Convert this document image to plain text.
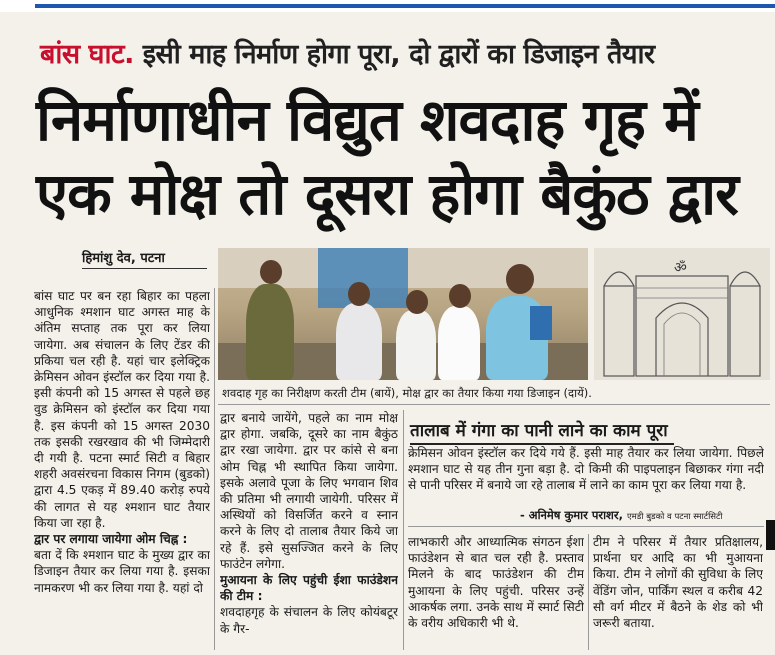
बांस घाट. इसी माह निर्माण होगा पूरा, दो द्वारों का डिजाइन तैयार
निर्माणाधीन विद्युत शवदाह गृह में
एक मोक्ष तो दूसरा होगा बैकुंठ द्वार
हिमांशु देव, पटना

बांस घाट पर बन रहा बिहार का पहला आधुनिक श्मशान घाट अगस्त माह के अंतिम सप्ताह तक पूरा कर लिया जायेगा. अब संचालन के लिए टेंडर की प्रकिया चल रही है. यहां चार इलेक्ट्रिक क्रेमिसन ओवन इंस्टॉल कर दिया गया है. इसी कंपनी को 15 अगस्त से पहले छह वुड क्रेमिसन को इंस्टॉल कर दिया गया है. इस कंपनी को 15 अगस्त 2030 तक इसकी रखरखाव की भी जिम्मेदारी दी गयी है. पटना स्मार्ट सिटी व बिहार शहरी अवसंरचना विकास निगम (बुडको) द्वारा 4.5 एकड़ में 89.40 करोड़ रुपये की लागत से यह श्मशान घाट तैयार किया जा रहा है.

द्वार पर लगाया जायेगा ओम चिह्न :

बता दें कि श्मशान घाट के मुख्य द्वार का डिजाइन तैयार कर लिया गया है. इसका नामकरण भी कर लिया गया है. यहां दो

ॐ
शवदाह गृह का निरीक्षण करती टीम (बायें), मोक्ष द्वार का तैयार किया गया डिजाइन (दायें).

द्वार बनाये जायेंगे, पहले का नाम मोक्ष द्वार होगा. जबकि, दूसरे का नाम बैकुंठ द्वार रखा जायेगा. द्वार पर कांसे से बना ओम चिह्न भी स्थापित किया जायेगा. इसके अलावे पूजा के लिए भगवान शिव की प्रतिमा भी लगायी जायेगी. परिसर में अस्थियों को विसर्जित करने व स्नान करने के लिए दो तालाब तैयार किये जा रहे हैं. इसे सुसज्जित करने के लिए फाउंटेन लगेगा.

मुआयना के लिए पहुंची ईशा फाउंडेशन की टीम :

शवदाहगृह के संचालन के लिए कोयंबटूर के गैर-

तालाब में गंगा का पानी लाने का काम पूरा

क्रेमिसन ओवन इंस्टॉल कर दिये गये हैं. इसी माह तैयार कर लिया जायेगा. पिछले श्मशान घाट से यह तीन गुना बड़ा है. दो किमी की पाइपलाइन बिछाकर गंगा नदी से पानी परिसर में बनाये जा रहे तालाब में लाने का काम पूरा कर लिया गया है.

- अनिमेष कुमार पराशर, एमडी बुडको व पटना स्मार्टसिटी

लाभकारी और आध्यात्मिक संगठन ईशा फाउंडेशन से बात चल रही है. प्रस्ताव मिलने के बाद फाउंडेशन की टीम मुआयना के लिए पहुंची. परिसर उन्हें आकर्षक लगा. उनके साथ में स्मार्ट सिटी के वरीय अधिकारी भी थे.

टीम ने परिसर में तैयार प्रतिक्षालय, प्रार्थना घर आदि का भी मुआयना किया. टीम ने लोगों की सुविधा के लिए वेंडिंग जोन, पार्किंग स्थल व करीब 42 सौ वर्ग मीटर में बैठने के शेड को भी जरूरी बताया.
